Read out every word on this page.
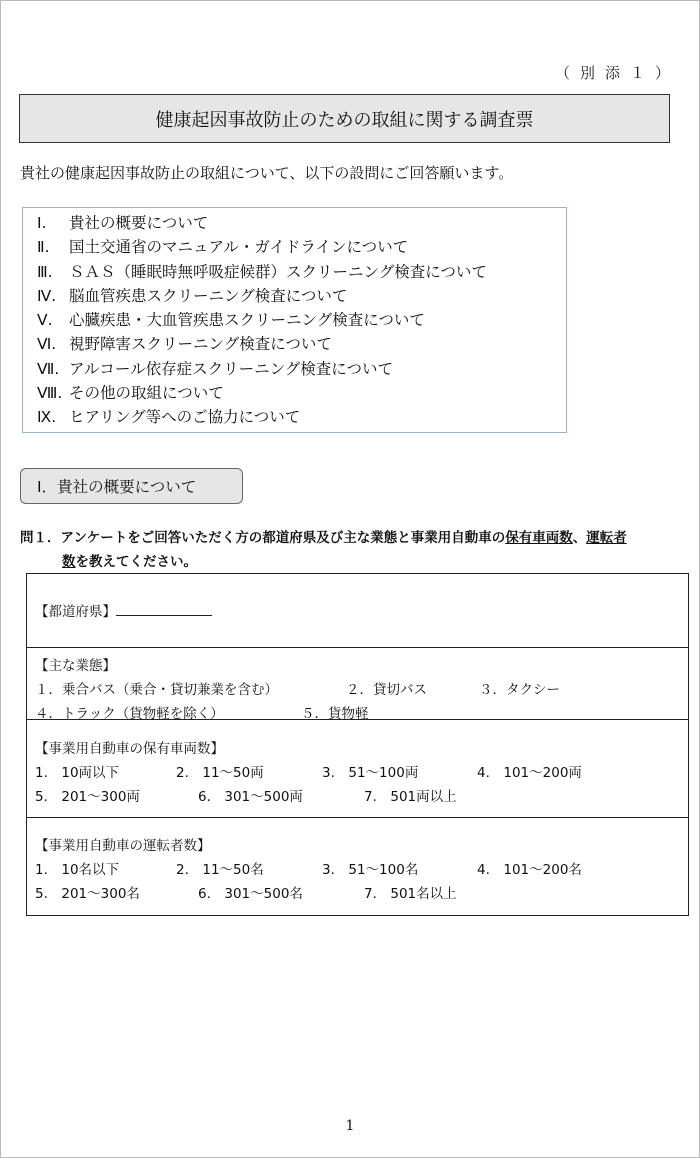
（別添１）
健康起因事故防止のための取組に関する調査票
貴社の健康起因事故防止の取組について、以下の設問にご回答願います。
Ⅰ. 貴社の概要について
Ⅱ. 国土交通省のマニュアル・ガイドラインについて
Ⅲ. ＳＡＳ（睡眠時無呼吸症候群）スクリーニング検査について
Ⅳ. 脳血管疾患スクリーニング検査について
Ⅴ. 心臓疾患・大血管疾患スクリーニング検査について
Ⅵ. 視野障害スクリーニング検査について
Ⅶ. アルコール依存症スクリーニング検査について
Ⅷ. その他の取組について
Ⅸ. ヒアリング等へのご協力について
Ⅰ．貴社の概要について
問１．アンケートをご回答いただく方の都道府県及び主な業態と事業用自動車の保有車両数、運転者
数を教えてください。
【都道府県】
【主な業態】
１．乗合バス（乗合・貸切兼業を含む）	２．貸切バス	３．タクシー
４．トラック（貨物軽を除く）	５．貨物軽
【事業用自動車の保有車両数】
1.　10両以下	2.　11～50両	3.　51～100両	4.　101～200両
5.　201～300両	6.　301～500両	7.　501両以上
【事業用自動車の運転者数】
1.　10名以下	2.　11～50名	3.　51～100名	4.　101～200名
5.　201～300名	6.　301～500名	7.　501名以上
1
